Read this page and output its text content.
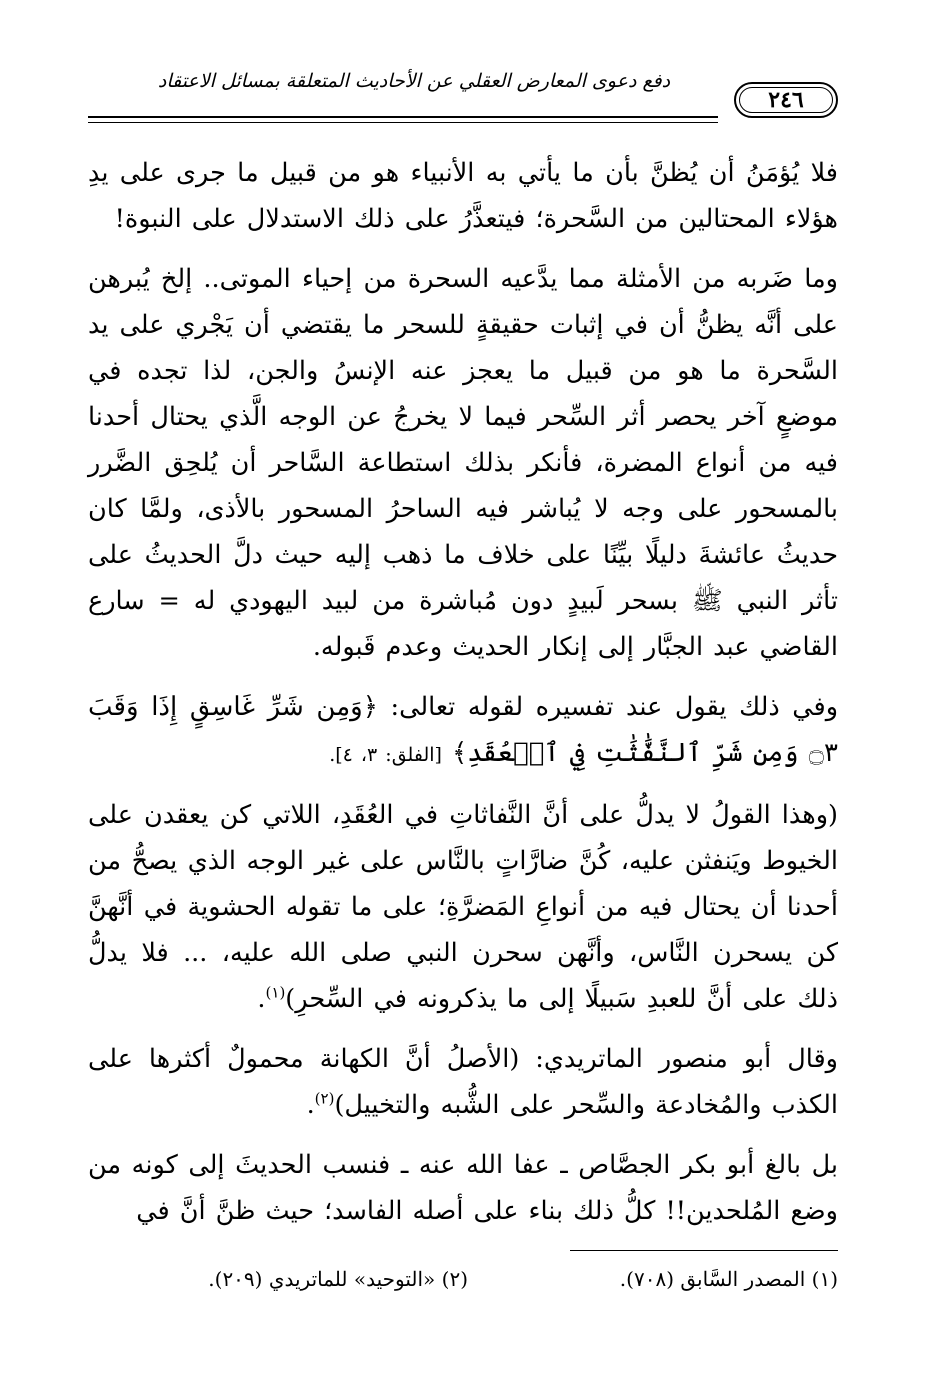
٢٤٦
دفع دعوى المعارض العقلي عن الأحاديث المتعلقة بمسائل الاعتقاد

فلا يُؤمَنُ أن يُظنَّ بأن ما يأتي به الأنبياء هو من قبيل ما جرى على يدِ هؤلاء المحتالين من السَّحرة؛ فيتعذَّرُ على ذلك الاستدلال على النبوة!

وما ضَربه من الأمثلة مما يدَّعيه السحرة من إحياء الموتى.. إلخ يُبرهن على أنَّه يظنُّ أن في إثبات حقيقةٍ للسحر ما يقتضي أن يَجْري على يد السَّحرة ما هو من قبيل ما يعجز عنه الإنسُ والجن، لذا تجده في موضعٍ آخر يحصر أثر السِّحر فيما لا يخرجُ عن الوجه الَّذي يحتال أحدنا فيه من أنواع المضرة، فأنكر بذلك استطاعة السَّاحر أن يُلحِق الضَّرر بالمسحور على وجه لا يُباشر فيه الساحرُ المسحور بالأذى، ولمَّا كان حديثُ عائشةَ دليلًا بيِّنًا على خلاف ما ذهب إليه حيث دلَّ الحديثُ على تأثر النبي ﷺ بسحر لَبيدٍ دون مُباشرة من لبيد اليهودي له = سارع القاضي عبد الجبَّار إلى إنكار الحديث وعدم قَبوله.

وفي ذلك يقول عند تفسيره لقوله تعالى: ﴿وَمِن شَرِّ غَاسِقٍ إِذَا وَقَبَ ۝٣ وَمِن شَرِّ ٱلنَّفَّٰثَٰتِ فِي ٱلۡعُقَدِ﴾ [الفلق: ٣، ٤].

(وهذا القولُ لا يدلُّ على أنَّ النَّفاثاتِ في العُقَدِ، اللاتي كن يعقدن على الخيوط ويَنفثن عليه، كُنَّ ضارَّاتٍ بالنَّاس على غير الوجه الذي يصحُّ من أحدنا أن يحتال فيه من أنواعِ المَضرَّةِ؛ على ما تقوله الحشوية في أنَّهنَّ كن يسحرن النَّاس، وأنَّهن سحرن النبي صلى الله عليه، ... فلا يدلُّ ذلك على أنَّ للعبدِ سَبيلًا إلى ما يذكرونه في السِّحرِ)$^{(١)}$.

وقال أبو منصور الماتريدي: (الأصلُ أنَّ الكهانة محمولٌ أكثرها على الكذب والمُخادعة والسِّحر على الشُّبه والتخييل)$^{(٢)}$.

بل بالغ أبو بكر الجصَّاص ـ عفا الله عنه ـ فنسب الحديثَ إلى كونه من وضع المُلحدين!! كلُّ ذلك بناء على أصله الفاسد؛ حيث ظنَّ أنَّ في

(١) المصدر السَّابق (٧٠٨).
(٢) «التوحيد» للماتريدي (٢٠٩).
